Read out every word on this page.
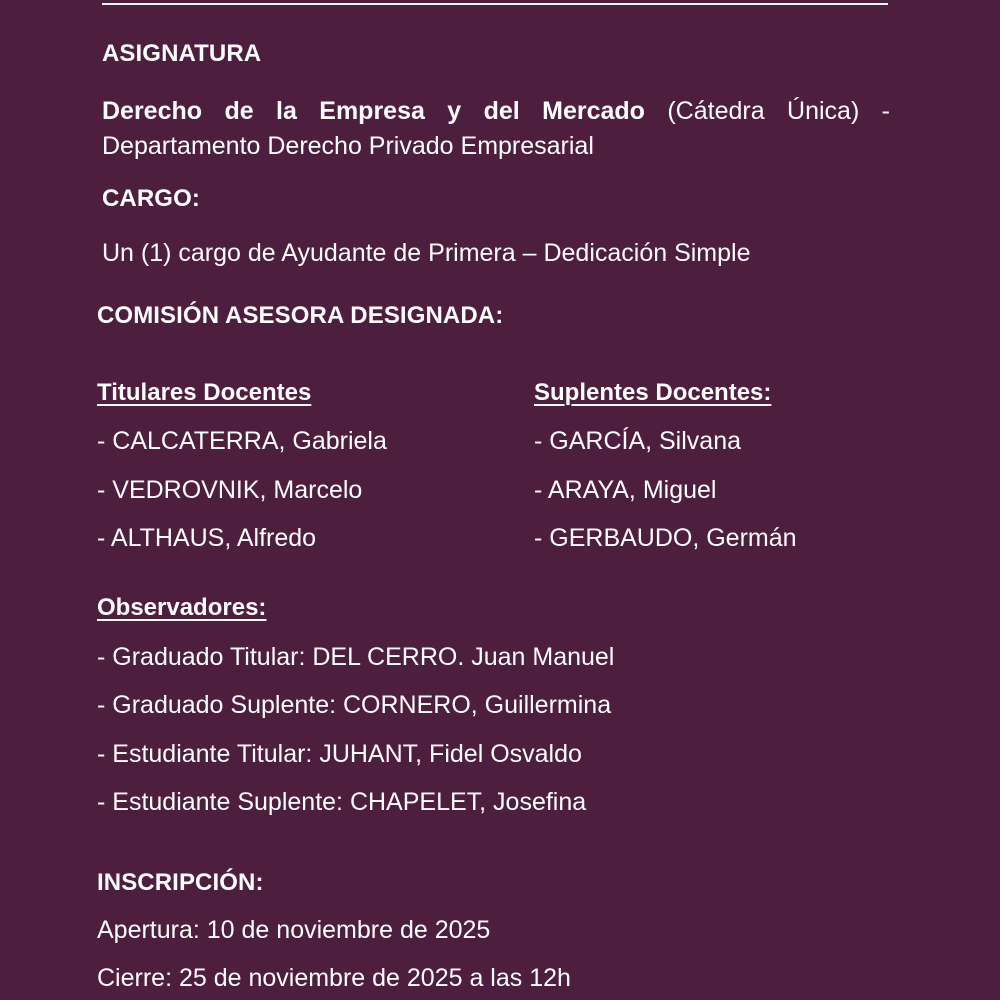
ASIGNATURA
Derecho de la Empresa y del Mercado (Cátedra Única) - Departamento Derecho Privado Empresarial
CARGO:
Un (1) cargo de Ayudante de Primera – Dedicación Simple
COMISIÓN ASESORA DESIGNADA:
Titulares Docentes
- CALCATERRA, Gabriela
- VEDROVNIK, Marcelo
- ALTHAUS, Alfredo
Suplentes Docentes:
- GARCÍA, Silvana
- ARAYA, Miguel
- GERBAUDO, Germán
Observadores:
- Graduado Titular: DEL CERRO. Juan Manuel
- Graduado Suplente: CORNERO, Guillermina
- Estudiante Titular: JUHANT, Fidel Osvaldo
- Estudiante Suplente: CHAPELET, Josefina
INSCRIPCIÓN:
Apertura: 10 de noviembre de 2025
Cierre: 25 de noviembre de 2025 a las 12h
